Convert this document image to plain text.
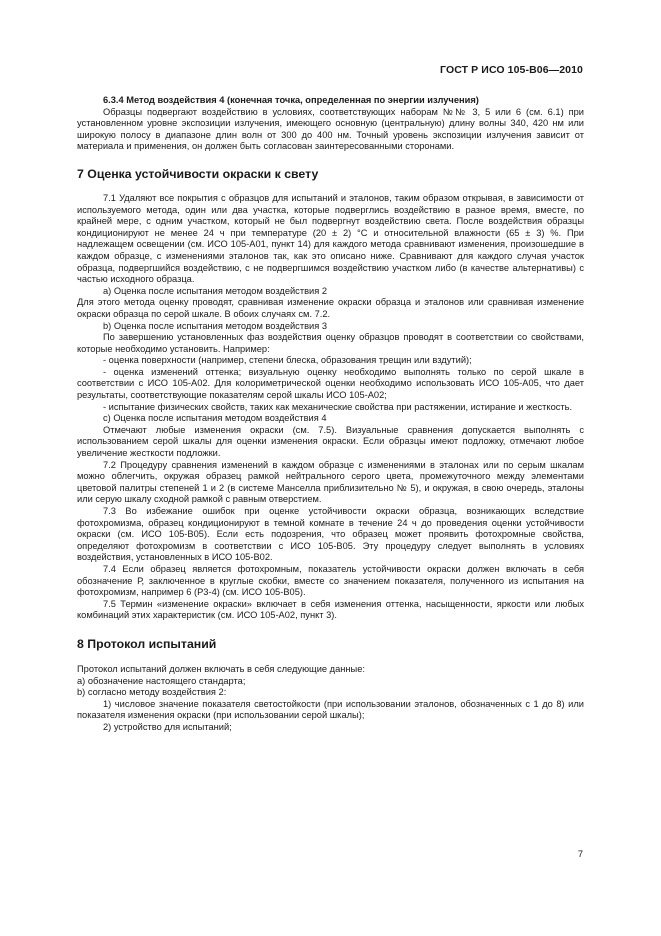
ГОСТ Р ИСО 105-В06—2010

6.3.4 Метод воздействия 4 (конечная точка, определенная по энергии излучения)

Образцы подвергают воздействию в условиях, соответствующих наборам №№ 3, 5 или 6 (см. 6.1) при установленном уровне экспозиции излучения, имеющего основную (центральную) длину волны 340, 420 нм или широкую полосу в диапазоне длин волн от 300 до 400 нм. Точный уровень экспозиции излучения зависит от материала и применения, он должен быть согласован заинтересованными сторонами.

7 Оценка устойчивости окраски к свету

7.1 Удаляют все покрытия с образцов для испытаний и эталонов, таким образом открывая, в зависимости от используемого метода, один или два участка, которые подверглись воздействию в разное время, вместе, по крайней мере, с одним участком, который не был подвергнут воздействию света. После воздействия образцы кондиционируют не менее 24 ч при температуре (20 ± 2) °С и относительной влажности (65 ± 3) %. При надлежащем освещении (см. ИСО 105-А01, пункт 14) для каждого метода сравнивают изменения, произошедшие в каждом образце, с изменениями эталонов так, как это описано ниже. Сравнивают для каждого случая участок образца, подвергшийся воздействию, с не подвергшимся воздействию участком либо (в качестве альтернативы) с частью исходного образца.

a) Оценка после испытания методом воздействия 2

Для этого метода оценку проводят, сравнивая изменение окраски образца и эталонов или сравнивая изменение окраски образца по серой шкале. В обоих случаях см. 7.2.

b) Оценка после испытания методом воздействия 3

По завершению установленных фаз воздействия оценку образцов проводят в соответствии со свойствами, которые необходимо установить. Например:

- оценка поверхности (например, степени блеска, образования трещин или вздутий);

- оценка изменений оттенка; визуальную оценку необходимо выполнять только по серой шкале в соответствии с ИСО 105-А02. Для колориметрической оценки необходимо использовать ИСО 105-А05, что дает результаты, соответствующие показателям серой шкалы ИСО 105-А02;

- испытание физических свойств, таких как механические свойства при растяжении, истирание и жесткость.

c) Оценка после испытания методом воздействия 4

Отмечают любые изменения окраски (см. 7.5). Визуальные сравнения допускается выполнять с использованием серой шкалы для оценки изменения окраски. Если образцы имеют подложку, отмечают любое увеличение жесткости подложки.

7.2 Процедуру сравнения изменений в каждом образце с изменениями в эталонах или по серым шкалам можно облегчить, окружая образец рамкой нейтрального серого цвета, промежуточного между элементами цветовой палитры степеней 1 и 2 (в системе Манселла приблизительно № 5), и окружая, в свою очередь, эталоны или серую шкалу сходной рамкой с равным отверстием.

7.3 Во избежание ошибок при оценке устойчивости окраски образца, возникающих вследствие фотохромизма, образец кондиционируют в темной комнате в течение 24 ч до проведения оценки устойчивости окраски (см. ИСО 105-В05). Если есть подозрения, что образец может проявить фотохромные свойства, определяют фотохромизм в соответствии с ИСО 105-В05. Эту процедуру следует выполнять в условиях воздействия, установленных в ИСО 105-В02.

7.4 Если образец является фотохромным, показатель устойчивости окраски должен включать в себя обозначение Р, заключенное в круглые скобки, вместе со значением показателя, полученного из испытания на фотохромизм, например 6 (Р3-4) (см. ИСО 105-В05).

7.5 Термин «изменение окраски» включает в себя изменения оттенка, насыщенности, яркости или любых комбинаций этих характеристик (см. ИСО 105-А02, пункт 3).

8 Протокол испытаний

Протокол испытаний должен включать в себя следующие данные:

а) обозначение настоящего стандарта;

b) согласно методу воздействия 2:

1) числовое значение показателя светостойкости (при использовании эталонов, обозначенных с 1 до 8) или показателя изменения окраски (при использовании серой шкалы);

2) устройство для испытаний;

7
